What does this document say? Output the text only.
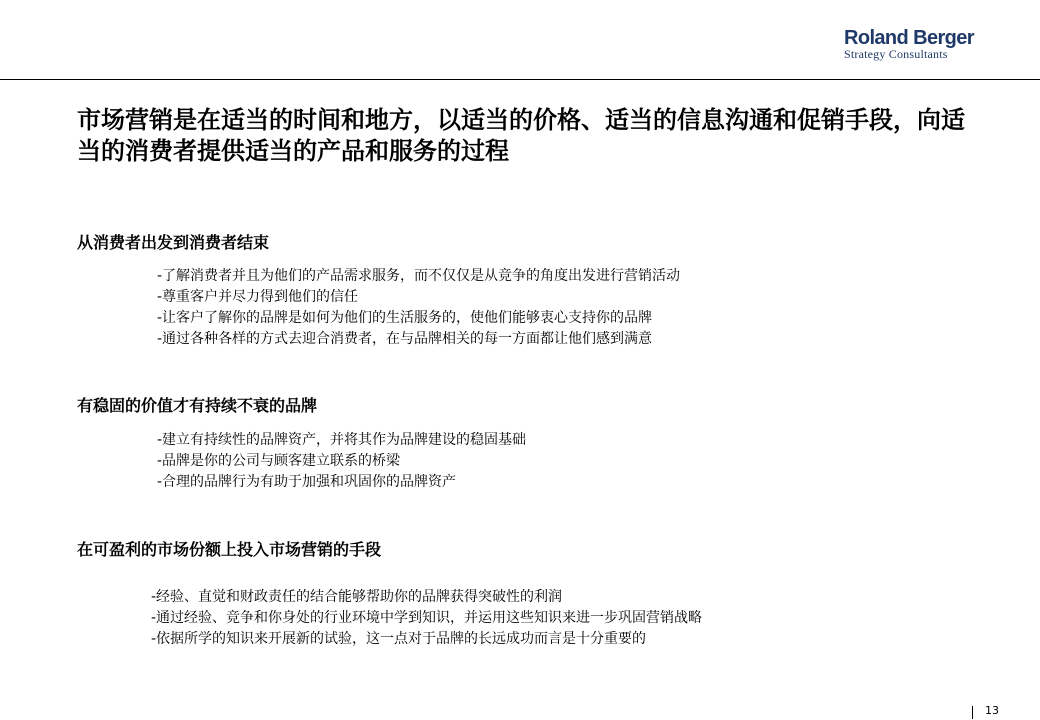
Roland Berger
Strategy Consultants
市场营销是在适当的时间和地方，以适当的价格、适当的信息沟通和促销手段，向适当的消费者提供适当的产品和服务的过程
从消费者出发到消费者结束
-了解消费者并且为他们的产品需求服务，而不仅仅是从竞争的角度出发进行营销活动
-尊重客户并尽力得到他们的信任
-让客户了解你的品牌是如何为他们的生活服务的，使他们能够衷心支持你的品牌
-通过各种各样的方式去迎合消费者，在与品牌相关的每一方面都让他们感到满意
有稳固的价值才有持续不衰的品牌
-建立有持续性的品牌资产，并将其作为品牌建设的稳固基础
-品牌是你的公司与顾客建立联系的桥梁
-合理的品牌行为有助于加强和巩固你的品牌资产
在可盈利的市场份额上投入市场营销的手段
-经验、直觉和财政责任的结合能够帮助你的品牌获得突破性的利润
-通过经验、竞争和你身处的行业环境中学到知识，并运用这些知识来进一步巩固营销战略
-依据所学的知识来开展新的试验，这一点对于品牌的长远成功而言是十分重要的
13
